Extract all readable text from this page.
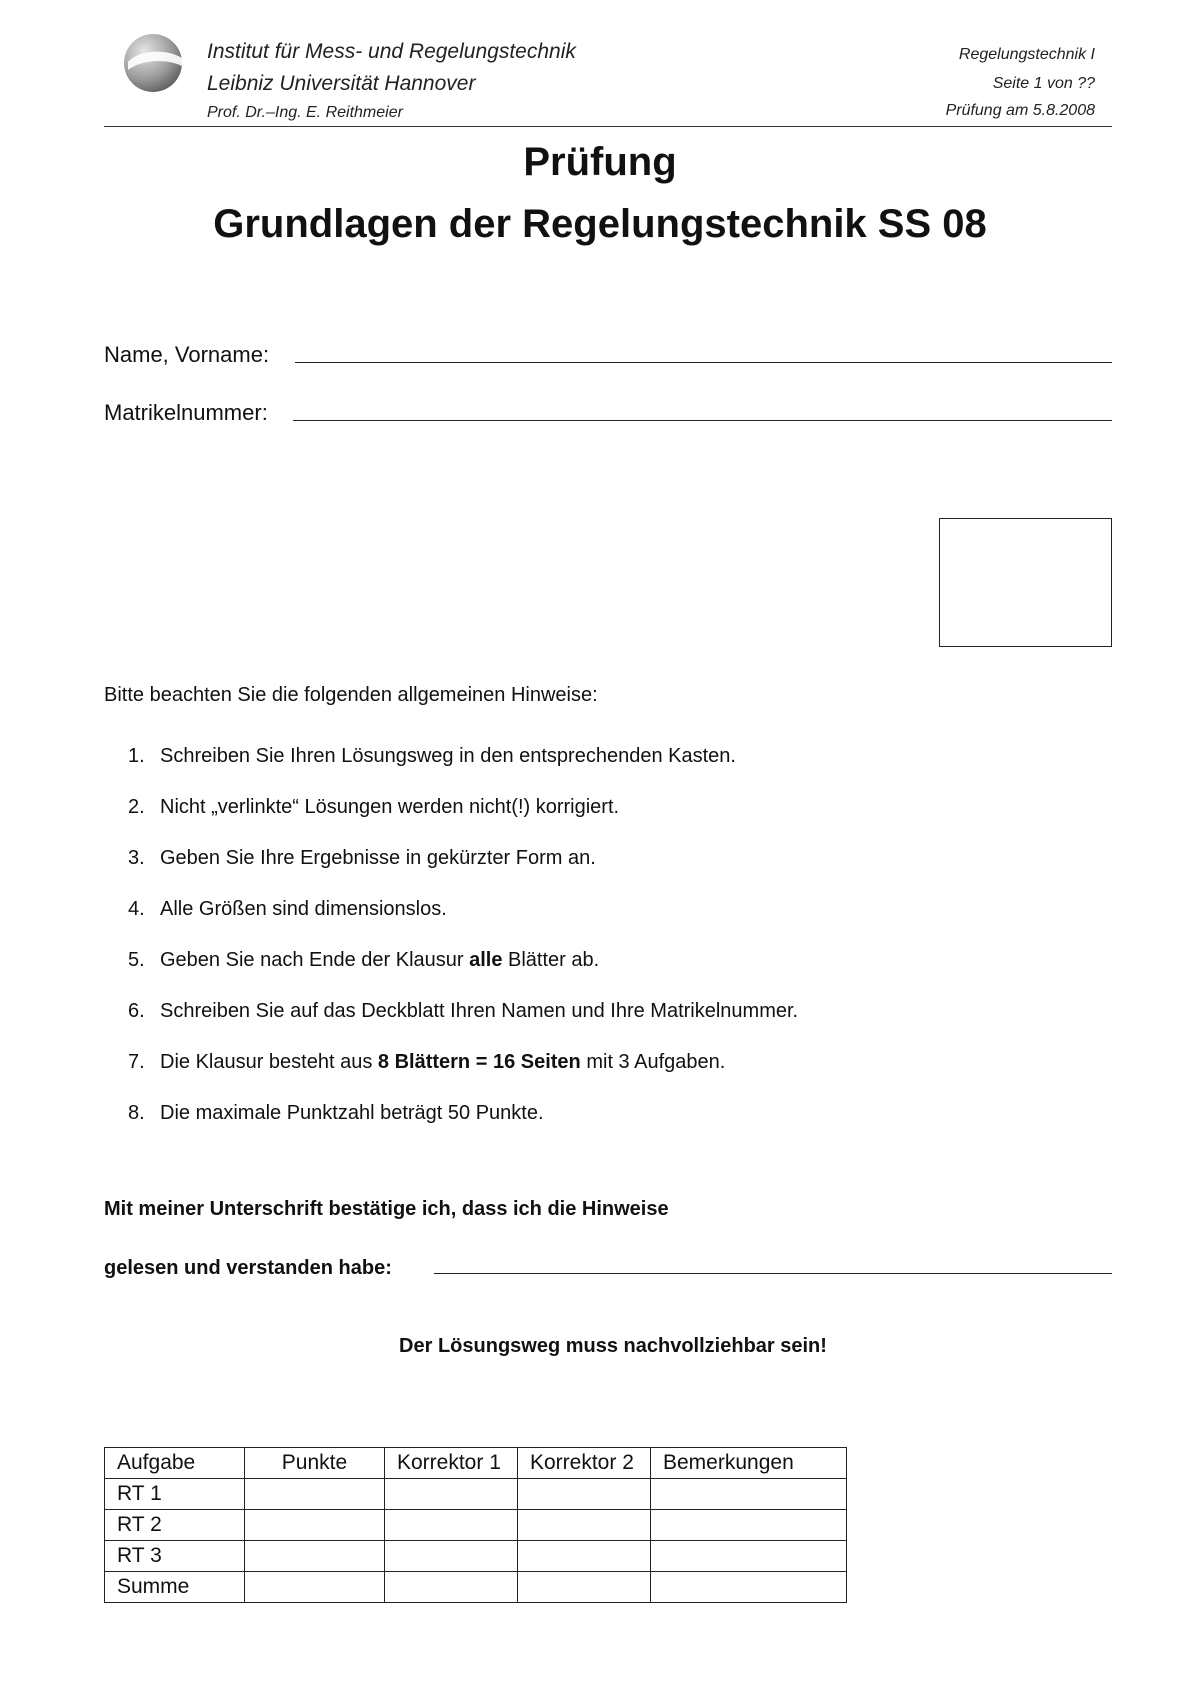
Institut für Mess- und Regelungstechnik
Leibniz Universität Hannover
Prof. Dr.–Ing. E. Reithmeier
Regelungstechnik I
Seite 1 von ??
Prüfung am 5.8.2008
Prüfung
Grundlagen der Regelungstechnik SS 08
Name, Vorname:
Matrikelnummer:
Bitte beachten Sie die folgenden allgemeinen Hinweise:
1. Schreiben Sie Ihren Lösungsweg in den entsprechenden Kasten.
2. Nicht „verlinkte“ Lösungen werden nicht(!) korrigiert.
3. Geben Sie Ihre Ergebnisse in gekürzter Form an.
4. Alle Größen sind dimensionslos.
5. Geben Sie nach Ende der Klausur alle Blätter ab.
6. Schreiben Sie auf das Deckblatt Ihren Namen und Ihre Matrikelnummer.
7. Die Klausur besteht aus 8 Blättern = 16 Seiten mit 3 Aufgaben.
8. Die maximale Punktzahl beträgt 50 Punkte.
Mit meiner Unterschrift bestätige ich, dass ich die Hinweise
gelesen und verstanden habe:
Der Lösungsweg muss nachvollziehbar sein!
Aufgabe	Punkte	Korrektor 1	Korrektor 2	Bemerkungen
RT 1				
RT 2				
RT 3				
Summe				
